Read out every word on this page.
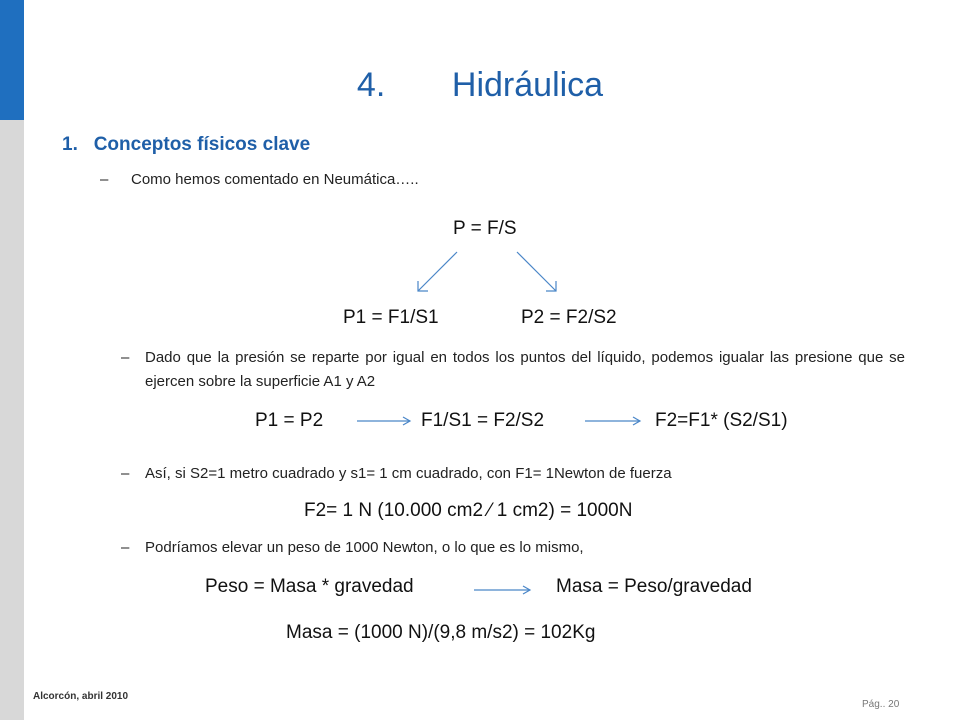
4. Hidráulica
1. Conceptos físicos clave
– Como hemos comentado en Neumática…..
P = F/S
P1 = F1/S1	P2 = F2/S2
– Dado que la presión se reparte por igual en todos los puntos del líquido, podemos igualar las presione que se ejercen sobre la superficie A1 y A2
P1 = P2	F1/S1 = F2/S2	F2=F1* (S2/S1)
– Así, si S2=1 metro cuadrado y s1= 1 cm cuadrado, con F1= 1Newton de fuerza
F2= 1 N (10.000 cm2 ⁄ 1 cm2) = 1000N
– Podríamos elevar un peso de 1000 Newton, o lo que es lo mismo,
Peso = Masa * gravedad	Masa = Peso/gravedad
Masa = (1000 N)/(9,8 m/s2) = 102Kg
Alcorcón, abril 2010
Pág.. 20
